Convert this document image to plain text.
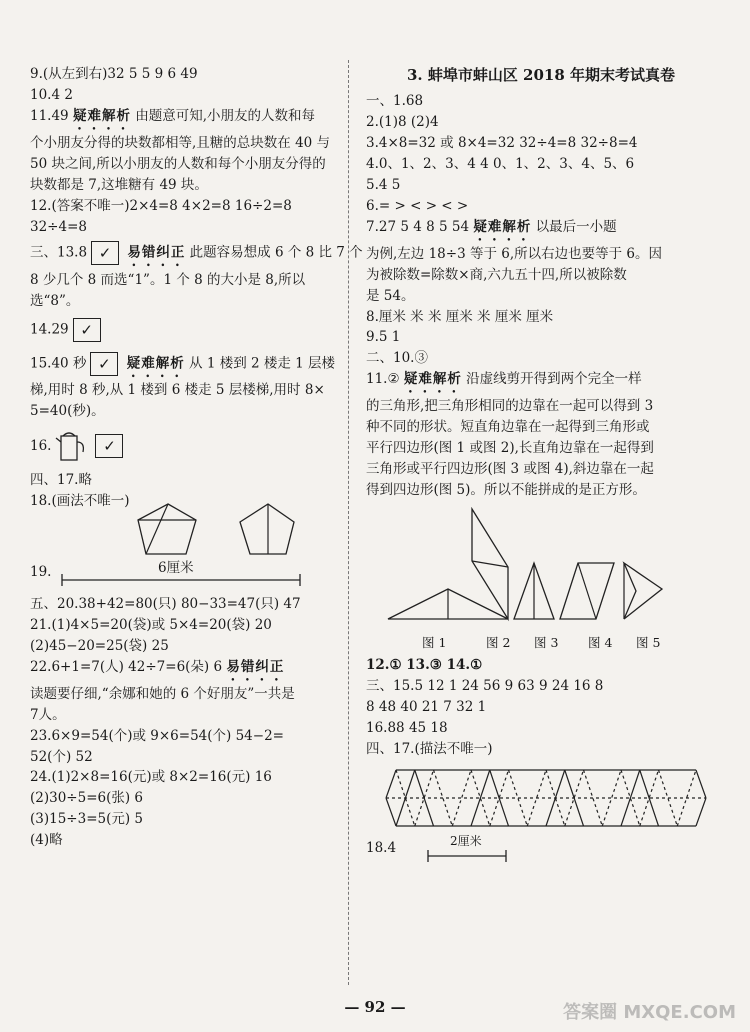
9.(从左到右)32 5 5 9 6 49
10.4 2
11.49 疑难解析 由题意可知,小朋友的人数和每
个小朋友分得的块数都相等,且糖的总块数在 40 与
50 块之间,所以小朋友的人数和每个小朋友分得的
块数都是 7,这堆糖有 49 块。
12.(答案不唯一)2×4=8 4×2=8 16÷2=8
32÷4=8
三、13.8 ✓ 易错纠正 此题容易想成 6 个 8 比 7 个
8 少几个 8 而选“1”。1 个 8 的大小是 8,所以
选“8”。
14.29 ✓
15.40 秒 ✓ 疑难解析 从 1 楼到 2 楼走 1 层楼
梯,用时 8 秒,从 1 楼到 6 楼走 5 层楼梯,用时 8×
5=40(秒)。
16.	✓
四、17.略
18.(画法不唯一)
19.	6厘米
五、20.38+42=80(只) 80−33=47(只) 47
21.(1)4×5=20(袋)或 5×4=20(袋) 20
(2)45−20=25(袋) 25
22.6+1=7(人) 42÷7=6(朵) 6 易错纠正
读题要仔细,“余娜和她的 6 个好朋友”一共是
7人。
23.6×9=54(个)或 9×6=54(个) 54−2=
52(个) 52
24.(1)2×8=16(元)或 8×2=16(元) 16
(2)30÷5=6(张) 6
(3)15÷3=5(元) 5
(4)略
3. 蚌埠市蚌山区 2018 年期末考试真卷
一、1.68
2.(1)8 (2)4
3.4×8=32 或 8×4=32 32÷4=8 32÷8=4
4.0、1、2、3、4 4 0、1、2、3、4、5、6
5.4 5
6.= > < > < >
7.27 5 4 8 5 54 疑难解析 以最后一小题
为例,左边 18÷3 等于 6,所以右边也要等于 6。因
为被除数=除数×商,六九五十四,所以被除数
是 54。
8.厘米 米 米 厘米 米 厘米 厘米
9.5 1
二、10.③
11.② 疑难解析 沿虚线剪开得到两个完全一样
的三角形,把三角形相同的边靠在一起可以得到 3
种不同的形状。短直角边靠在一起得到三角形或
平行四边形(图 1 或图 2),长直角边靠在一起得到
三角形或平行四边形(图 3 或图 4),斜边靠在一起
得到四边形(图 5)。所以不能拼成的是正方形。
图 1	图 2 图 3 图 4 图 5
12.① 13.③ 14.①
三、15.5 12 1 24 56 9 63 9 24 16 8
8 48 40 21 7 32 1
16.88 45 18
四、17.(描法不唯一)
18.4	2厘米
— 92 —	答案圈 MXQE.COM
